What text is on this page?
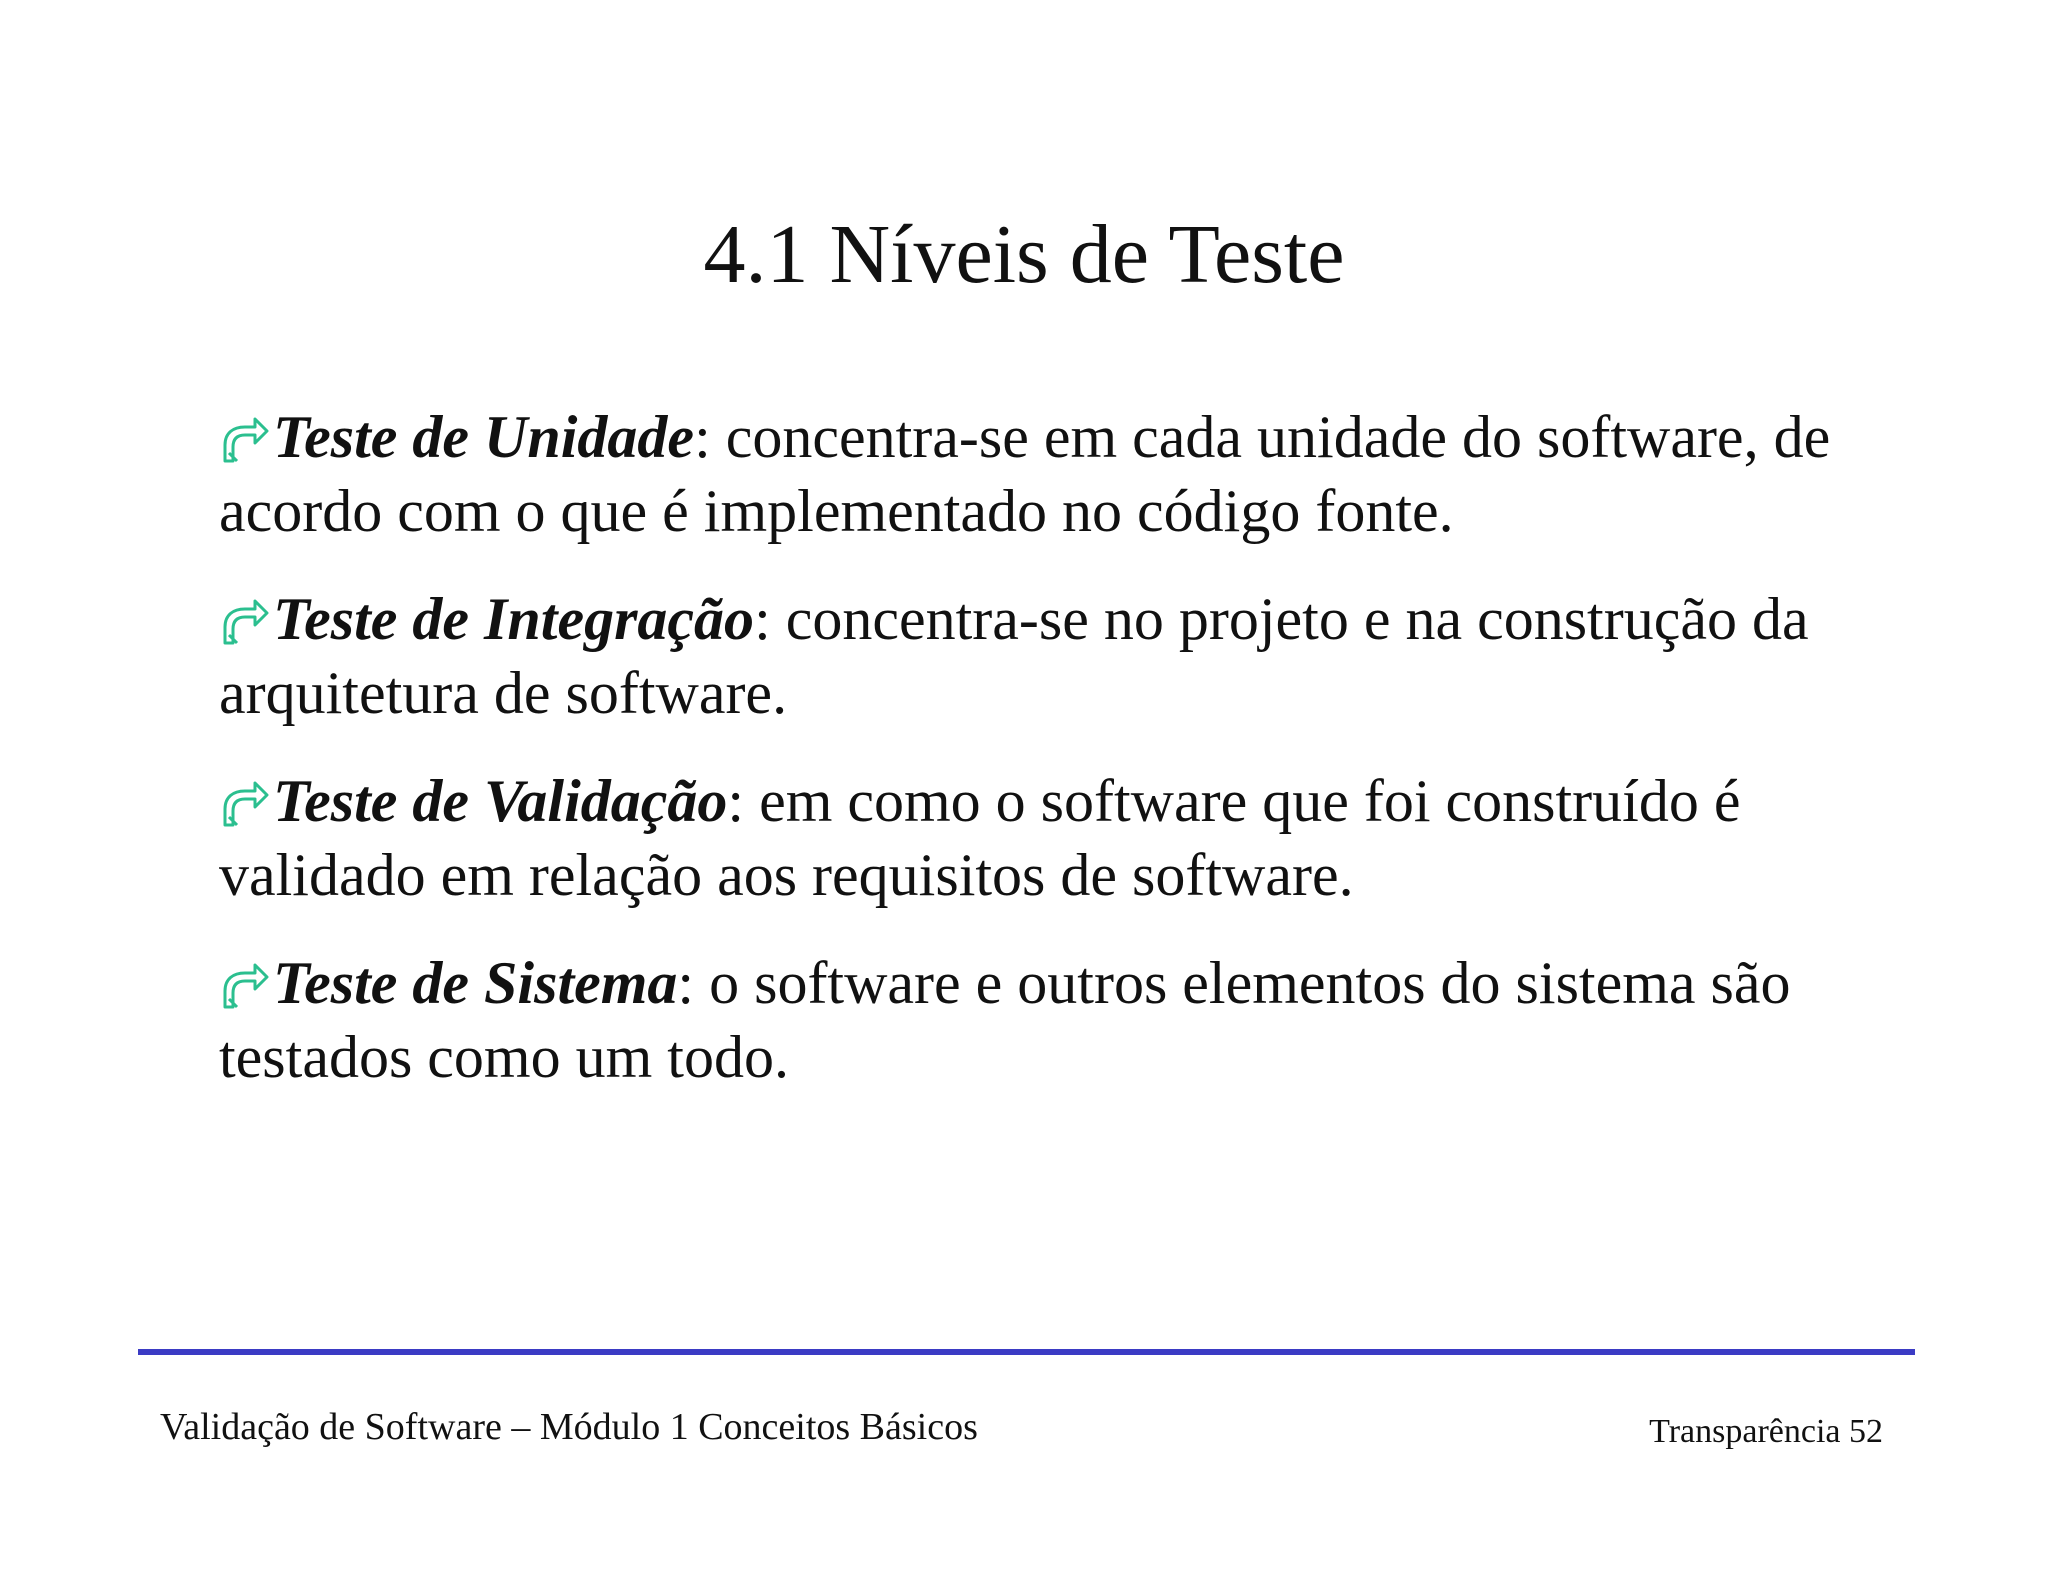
4.1 Níveis de Teste
Teste de Unidade: concentra-se em cada unidade do software, de acordo com o que é implementado no código fonte.
Teste de Integração: concentra-se no projeto e na construção da arquitetura de software.
Teste de Validação: em como o software que foi construído é validado em relação aos requisitos de software.
Teste de Sistema: o software e outros elementos do sistema são testados como um todo.
Validação de Software – Módulo 1 Conceitos Básicos	Transparência 52
